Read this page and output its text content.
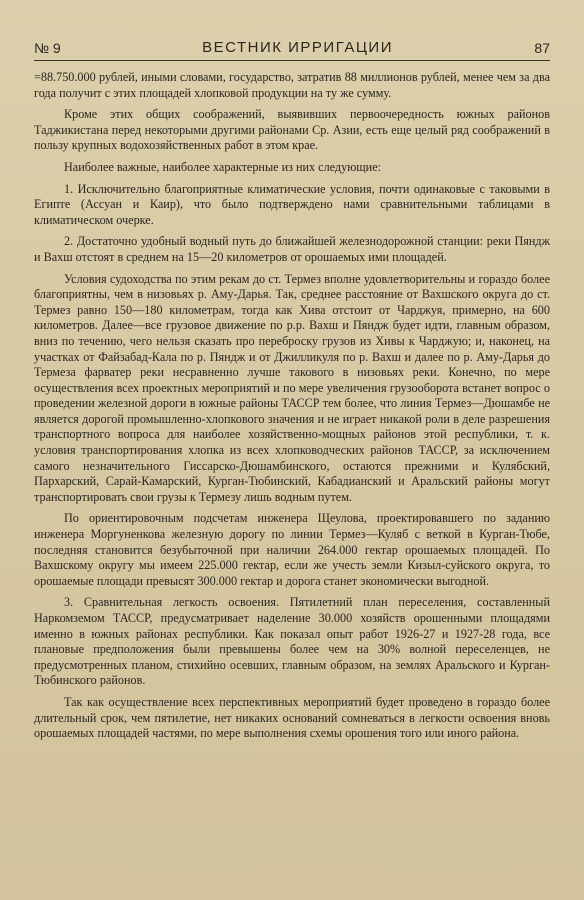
№ 9	ВЕСТНИК ИРРИГАЦИИ	87

=88.750.000 рублей, иными словами, государство, затратив 88 миллионов рублей, менее чем за два года получит с этих площадей хлопковой продукции на ту же сумму.

Кроме этих общих соображений, выявивших первоочередность южных районов Таджикистана перед некоторыми другими районами Ср. Азии, есть еще целый ряд соображений в пользу крупных водохозяйственных работ в этом крае.

Наиболее важные, наиболее характерные из них следующие:

1. Исключительно благоприятные климатические условия, почти одинаковые с таковыми в Египте (Ассуан и Каир), что было подтверждено нами сравнительными таблицами в климатическом очерке.

2. Достаточно удобный водный путь до ближайшей железнодорожной станции: реки Пяндж и Вахш отстоят в среднем на 15—20 километров от орошаемых ими площадей.

Условия судоходства по этим рекам до ст. Термез вполне удовлетворительны и гораздо более благоприятны, чем в низовьях р. Аму-Дарья. Так, среднее расстояние от Вахшского округа до ст. Термез равно 150—180 километрам, тогда как Хива отстоит от Чарджуя, примерно, на 600 километров. Далее—все грузовое движение по р.р. Вахш и Пяндж будет идти, главным образом, вниз по течению, чего нельзя сказать про переброску грузов из Хивы к Чарджую; и, наконец, на участках от Файзабад-Кала по р. Пяндж и от Джилликуля по р. Вахш и далее по р. Аму-Дарья до Термеза фарватер реки несравненно лучше такового в низовьях реки. Конечно, по мере осуществления всех проектных мероприятий и по мере увеличения грузооборота встанет вопрос о проведении железной дороги в южные районы ТАССР тем более, что линия Термез—Дюшамбе не является дорогой промышленно-хлопкового значения и не играет никакой роли в деле разрешения транспортного вопроса для наиболее хозяйственно-мощных районов этой республики, т. к. условия транспортирования хлопка из всех хлопководческих районов ТАССР, за исключением самого незначительного Гиссарско-Дюшамбинского, остаются прежними и Кулябский, Пархарский, Сарай-Камарский, Курган-Тюбинский, Кабадианский и Аральский районы могут транспортировать свои грузы к Термезу лишь водным путем.

По ориентировочным подсчетам инженера Щеулова, проектировавшего по заданию инженера Моргуненкова железную дорогу по линии Термез—Куляб с веткой в Курган-Тюбе, последняя становится безубыточной при наличии 264.000 гектар орошаемых площадей. По Вахшскому округу мы имеем 225.000 гектар, если же учесть земли Кизыл-суйского округа, то орошаемые площади превысят 300.000 гектар и дорога станет экономически выгодной.

3. Сравнительная легкость освоения. Пятилетний план переселения, составленный Наркомземом ТАССР, предусматривает наделение 30.000 хозяйств орошенными площадями именно в южных районах республики. Как показал опыт работ 1926-27 и 1927-28 года, все плановые предположения были превышены более чем на 30% волной переселенцев, не предусмотренных планом, стихийно осевших, главным образом, на землях Аральского и Курган-Тюбинского районов.

Так как осуществление всех перспективных мероприятий будет проведено в гораздо более длительный срок, чем пятилетие, нет никаких оснований сомневаться в легкости освоения вновь орошаемых площадей частями, по мере выполнения схемы орошения того или иного района.
